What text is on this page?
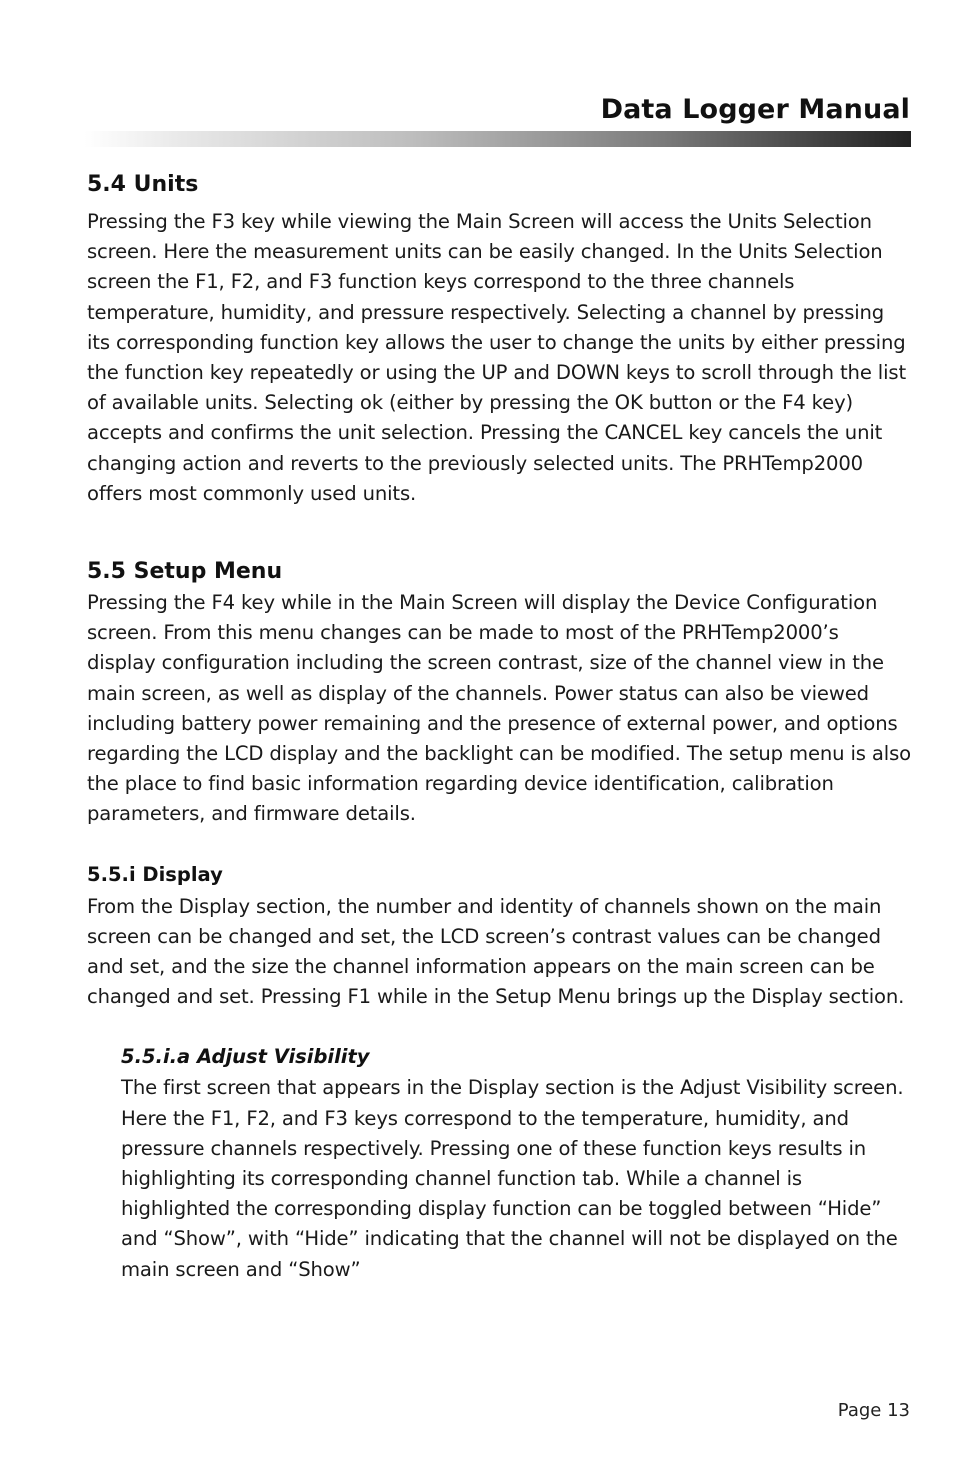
Data Logger Manual
5.4 Units

Pressing the F3 key while viewing the Main Screen will access the Units Selection screen. Here the measurement units can be easily changed. In the Units Selection screen the F1, F2, and F3 function keys correspond to the three channels temperature, humidity, and pressure respectively. Selecting a channel by pressing its corresponding function key allows the user to change the units by either pressing the function key repeatedly or using the UP and DOWN keys to scroll through the list of available units. Selecting ok (either by pressing the OK button or the F4 key) accepts and confirms the unit selection. Pressing the CANCEL key cancels the unit changing action and reverts to the previously selected units. The PRHTemp2000 offers most commonly used units.

5.5 Setup Menu

Pressing the F4 key while in the Main Screen will display the Device Configuration screen. From this menu changes can be made to most of the PRHTemp2000’s display configuration including the screen contrast, size of the channel view in the main screen, as well as display of the channels. Power status can also be viewed including battery power remaining and the presence of external power, and options regarding the LCD display and the backlight can be modified. The setup menu is also the place to find basic information regarding device identification, calibration parameters, and firmware details.

5.5.i Display

From the Display section, the number and identity of channels shown on the main screen can be changed and set, the LCD screen’s contrast values can be changed and set, and the size the channel information appears on the main screen can be changed and set. Pressing F1 while in the Setup Menu brings up the Display section.

5.5.i.a Adjust Visibility

The first screen that appears in the Display section is the Adjust Visibility screen. Here the F1, F2, and F3 keys correspond to the temperature, humidity, and pressure channels respectively. Pressing one of these function keys results in highlighting its corresponding channel function tab. While a channel is highlighted the corresponding display function can be toggled between “Hide” and “Show”, with “Hide” indicating that the channel will not be displayed on the main screen and “Show”

Page 13
